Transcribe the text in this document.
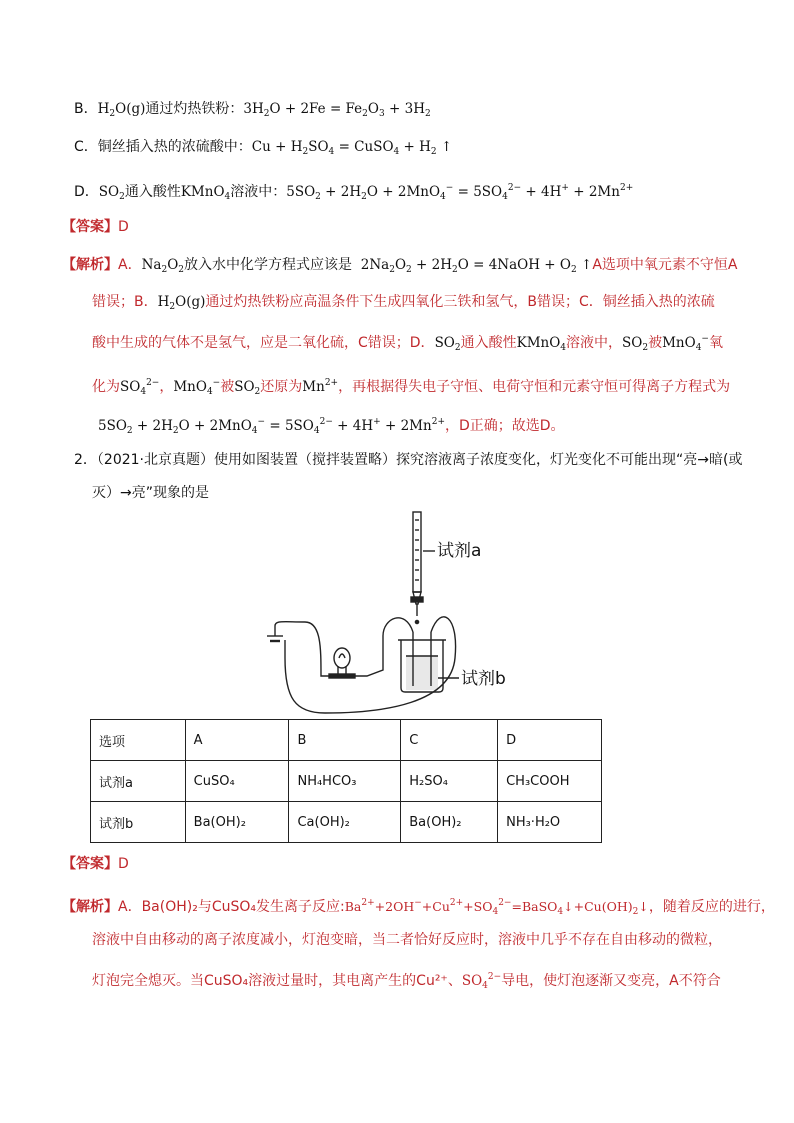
B．$H_2O(g)$通过灼热铁粉：$3H_2O + 2Fe = Fe_2O_3 + 3H_2$
C．铜丝插入热的浓硫酸中：$Cu + H_2SO_4$ = CuSO$_4$ + $H_2$ ↑
D．$SO_2$通入酸性KMnO$_4$溶液中：$5SO_2 + 2H_2O + 2MnO_4^- = 5SO_4^{2-} + 4H^+ + 2Mn^{2+}$
【答案】D
【解析】A．$Na_2O_2$放入水中化学方程式应该是  $2Na_2O_2 + 2H_2O$ = 4NaOH + $O_2$ ↑A选项中氧元素不守恒A
错误；B．$H_2O(g)$通过灼热铁粉应高温条件下生成四氧化三铁和氢气，B错误；C．铜丝插入热的浓硫
酸中生成的气体不是氢气，应是二氧化硫，C错误；D．$SO_2$通入酸性KMnO$_4$溶液中，$SO_2$被MnO$_4$−氧
化为$SO_4^{2-}$，MnO$_4$−被$SO_2$还原为$Mn^{2+}$，再根据得失电子守恒、电荷守恒和元素守恒可得离子方程式为
$5SO_2 + 2H_2O + 2MnO_4^- = 5SO_4^{2-} + 4H^+ + 2Mn^{2+}$，D正确；故选D。
2．（2021·北京真题）使用如图装置（搅拌装置略）探究溶液离子浓度变化，灯光变化不可能出现“亮→暗(或
灭）→亮”现象的是
试剂a
试剂b
选项	A	B	C	D
试剂a	CuSO₄	NH₄HCO₃	H₂SO₄	CH₃COOH
试剂b	Ba(OH)₂	Ca(OH)₂	Ba(OH)₂	NH₃·H₂O
【答案】D
【解析】A．Ba(OH)₂与CuSO₄发生离子反应$:Ba^{2+}+2OH^-+Cu^{2+}+SO_4^{2-}=BaSO_4↓+Cu(OH)_2↓$，随着反应的进行，
溶液中自由移动的离子浓度减小，灯泡变暗，当二者恰好反应时，溶液中几乎不存在自由移动的微粒，
灯泡完全熄灭。当CuSO₄溶液过量时，其电离产生的Cu²⁺、$SO_4^{2-}$导电，使灯泡逐渐又变亮，A不符合
